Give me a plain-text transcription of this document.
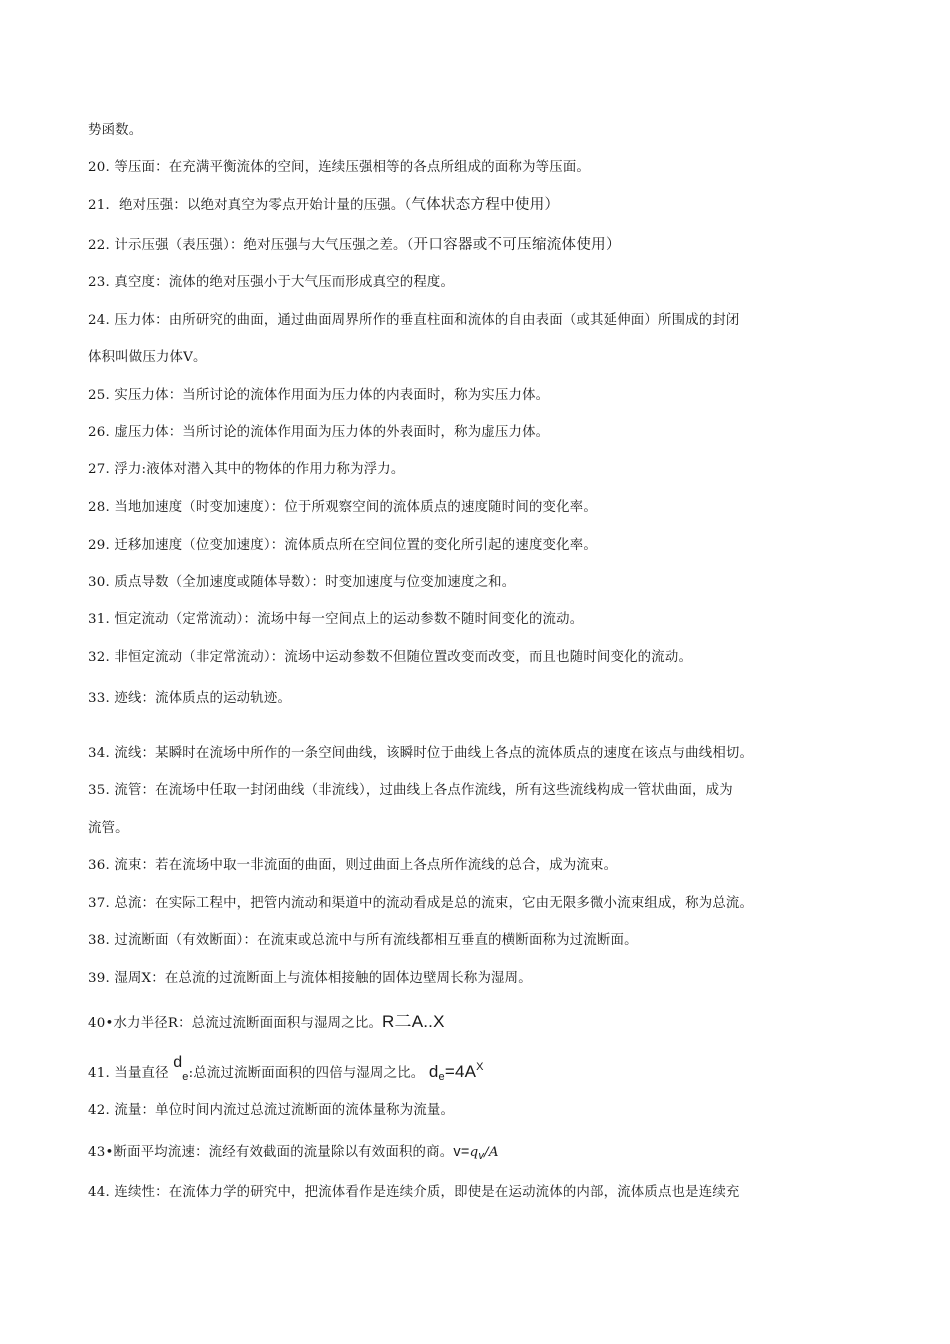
势函数。
20. 等压面：在充满平衡流体的空间，连续压强相等的各点所组成的面称为等压面。
21．绝对压强：以绝对真空为零点开始计量的压强。（气体状态方程中使用）
22. 计示压强（表压强）：绝对压强与大气压强之差。（开口容器或不可压缩流体使用）
23. 真空度：流体的绝对压强小于大气压而形成真空的程度。
24. 压力体：由所研究的曲面，通过曲面周界所作的垂直柱面和流体的自由表面（或其延伸面）所围成的封闭
体积叫做压力体V。
25. 实压力体：当所讨论的流体作用面为压力体的内表面时，称为实压力体。
26. 虚压力体：当所讨论的流体作用面为压力体的外表面时，称为虚压力体。
27. 浮力:液体对潜入其中的物体的作用力称为浮力。
28. 当地加速度（时变加速度）：位于所观察空间的流体质点的速度随时间的变化率。
29. 迁移加速度（位变加速度）：流体质点所在空间位置的变化所引起的速度变化率。
30. 质点导数（全加速度或随体导数）：时变加速度与位变加速度之和。
31. 恒定流动（定常流动）：流场中每一空间点上的运动参数不随时间变化的流动。
32. 非恒定流动（非定常流动）：流场中运动参数不但随位置改变而改变，而且也随时间变化的流动。
33. 迹线：流体质点的运动轨迹。
34. 流线：某瞬时在流场中所作的一条空间曲线，该瞬时位于曲线上各点的流体质点的速度在该点与曲线相切。
35. 流管：在流场中任取一封闭曲线（非流线），过曲线上各点作流线，所有这些流线构成一管状曲面，成为
流管。
36. 流束：若在流场中取一非流面的曲面，则过曲面上各点所作流线的总合，成为流束。
37. 总流：在实际工程中，把管内流动和渠道中的流动看成是总的流束，它由无限多微小流束组成，称为总流。
38. 过流断面（有效断面）：在流束或总流中与所有流线都相互垂直的横断面称为过流断面。
39. 湿周X：在总流的过流断面上与流体相接触的固体边壁周长称为湿周。
40•水力半径R：总流过流断面面积与湿周之比。R二A..X
41. 当量直径 $d_e$:总流过流断面面积的四倍与湿周之比。 $d_e=4A^X$
42. 流量：单位时间内流过总流过流断面的流体量称为流量。
43•断面平均流速：流经有效截面的流量除以有效面积的商。$v=q_v/A$
44. 连续性：在流体力学的研究中，把流体看作是连续介质，即使是在运动流体的内部，流体质点也是连续充
